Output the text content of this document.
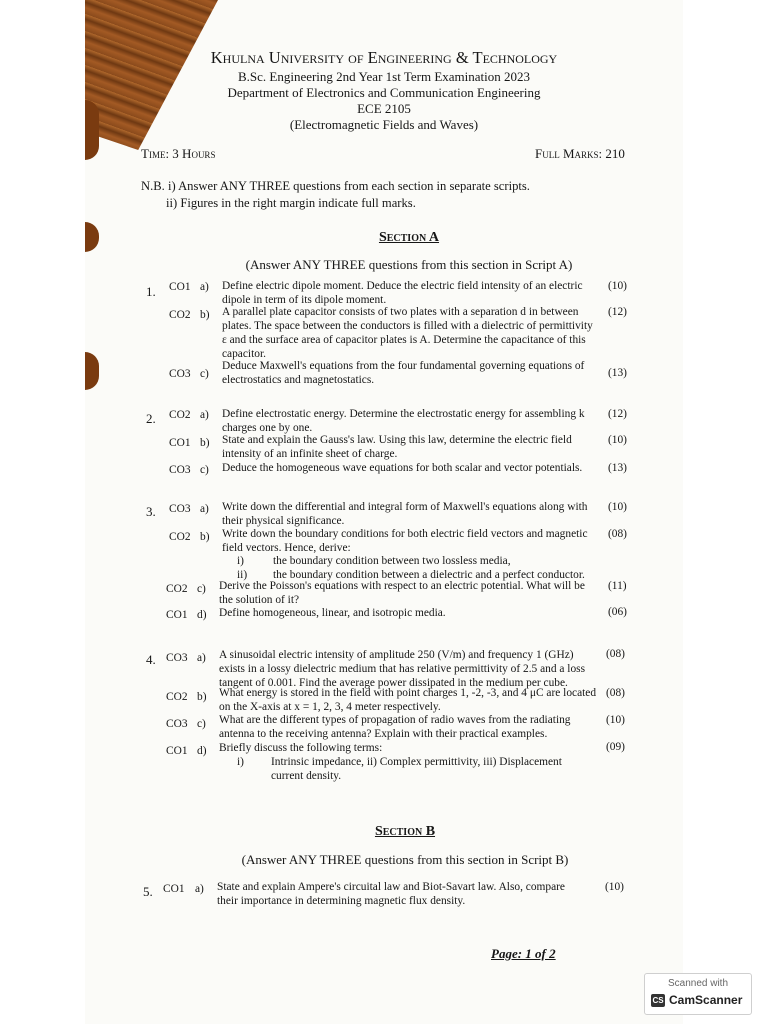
Khulna University of Engineering & Technology
B.Sc. Engineering 2nd Year 1st Term Examination 2023
Department of Electronics and Communication Engineering
ECE 2105
(Electromagnetic Fields and Waves)
Time: 3 Hours	Full Marks: 210
N.B. i) Answer ANY THREE questions from each section in separate scripts.
ii) Figures in the right margin indicate full marks.
Section A
(Answer ANY THREE questions from this section in Script A)
1. CO1 a) Define electric dipole moment. Deduce the electric field intensity of an electric
dipole in term of its dipole moment.
(10)
CO2 b) A parallel plate capacitor consists of two plates with a separation d in between
plates. The space between the conductors is filled with a dielectric of permittivity
ε and the surface area of capacitor plates is A. Determine the capacitance of this
capacitor.
(12)
CO3 c)
Deduce Maxwell's equations from the four fundamental governing equations of
electrostatics and magnetostatics.
(13)
2. CO2 a) Define electrostatic energy. Determine the electrostatic energy for assembling k
charges one by one.
(12)
CO1 b) State and explain the Gauss's law. Using this law, determine the electric field
intensity of an infinite sheet of charge.
(10)
CO3 c) Deduce the homogeneous wave equations for both scalar and vector potentials. (13)
3. CO3 a) Write down the differential and integral form of Maxwell's equations along with
their physical significance.
(10)
CO2 b) Write down the boundary conditions for both electric field vectors and magnetic
field vectors. Hence, derive:
i)	the boundary condition between two lossless media,
ii) the boundary condition between a dielectric and a perfect conductor.
(08)
CO2 c) Derive the Poisson's equations with respect to an electric potential. What will be
the solution of it?
(11)
CO1 d) Define homogeneous, linear, and isotropic media.	(06)
4. CO3 a) A sinusoidal electric intensity of amplitude 250 (V/m) and frequency 1 (GHz)
exists in a lossy dielectric medium that has relative permittivity of 2.5 and a loss
tangent of 0.001. Find the average power dissipated in the medium per cube.
(08)
CO2 b) What energy is stored in the field with point charges 1, -2, -3, and 4 μC are located
on the X-axis at x = 1, 2, 3, 4 meter respectively.
(08)
CO3 c) What are the different types of propagation of radio waves from the radiating
antenna to the receiving antenna? Explain with their practical examples.
(10)
CO1 d) Briefly discuss the following terms:
i) Intrinsic impedance, ii) Complex permittivity, iii) Displacement
current density.
(09)
Section B
(Answer ANY THREE questions from this section in Script B)
5. CO1 a) State and explain Ampere's circuital law and Biot-Savart law. Also, compare
their importance in determining magnetic flux density.
(10)
Page: 1 of 2
Scanned with
CS CamScanner
